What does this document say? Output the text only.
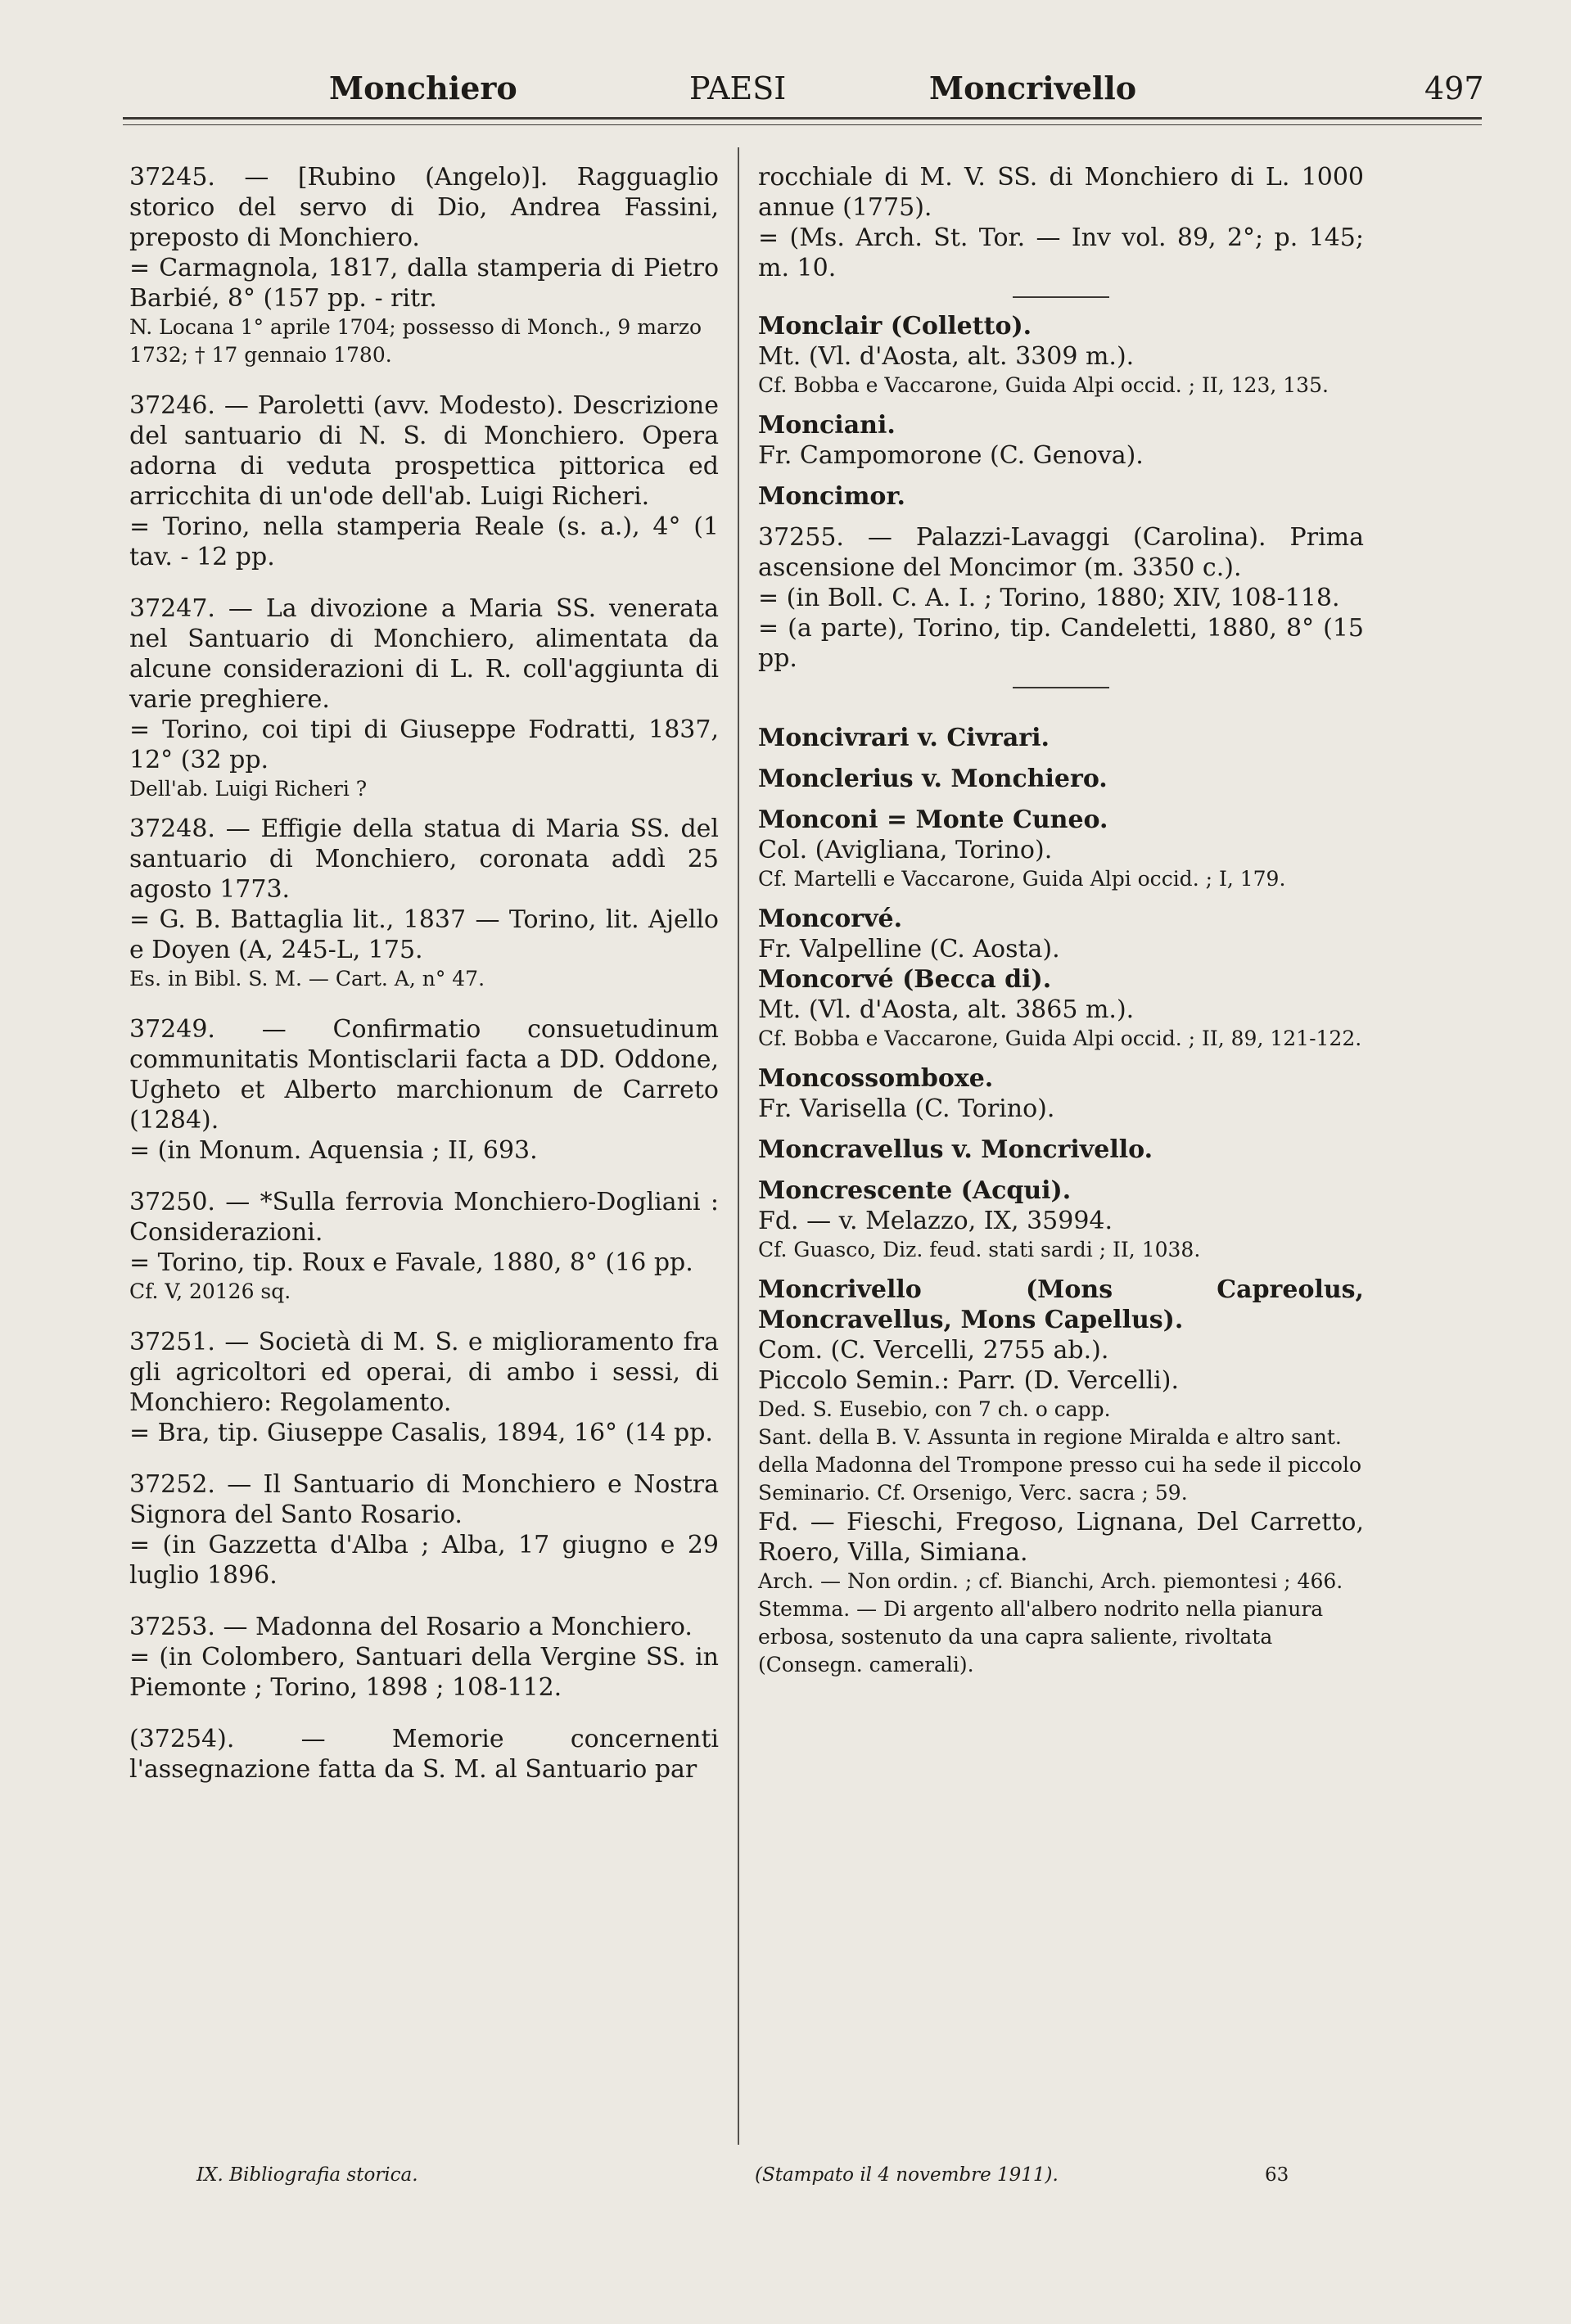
Monchiero	PAESI	Moncrivello	497

37245. — [Rubino (Angelo)]. Ragguaglio storico del servo di Dio, Andrea Fassini, preposto di Monchiero.

= Carmagnola, 1817, dalla stamperia di Pietro Barbié, 8° (157 pp. - ritr.

N. Locana 1° aprile 1704; possesso di Monch., 9 marzo 1732; † 17 gennaio 1780.

37246. — Paroletti (avv. Modesto). Descrizione del santuario di N. S. di Monchiero. Opera adorna di veduta prospettica pittorica ed arricchita di un'ode dell'ab. Luigi Richeri.

= Torino, nella stamperia Reale (s. a.), 4° (1 tav. - 12 pp.

37247. — La divozione a Maria SS. venerata nel Santuario di Monchiero, alimentata da alcune considerazioni di L. R. coll'aggiunta di varie preghiere.

= Torino, coi tipi di Giuseppe Fodratti, 1837, 12° (32 pp.

Dell'ab. Luigi Richeri ?

37248. — Effigie della statua di Maria SS. del santuario di Monchiero, coronata addì 25 agosto 1773.

= G. B. Battaglia lit., 1837 — Torino, lit. Ajello e Doyen (A, 245-L, 175.

Es. in Bibl. S. M. — Cart. A, n° 47.

37249. — Confirmatio consuetudinum communitatis Montisclarii facta a DD. Oddone, Ugheto et Alberto marchionum de Carreto (1284).

= (in Monum. Aquensia ; II, 693.

37250. — *Sulla ferrovia Monchiero-Dogliani : Considerazioni.

= Torino, tip. Roux e Favale, 1880, 8° (16 pp.

Cf. V, 20126 sq.

37251. — Società di M. S. e miglioramento fra gli agricoltori ed operai, di ambo i sessi, di Monchiero: Regolamento.

= Bra, tip. Giuseppe Casalis, 1894, 16° (14 pp.

37252. — Il Santuario di Monchiero e Nostra Signora del Santo Rosario.

= (in Gazzetta d'Alba ; Alba, 17 giugno e 29 luglio 1896.

37253. — Madonna del Rosario a Monchiero.

= (in Colombero, Santuari della Vergine SS. in Piemonte ; Torino, 1898 ; 108-112.

(37254). — Memorie concernenti l'assegnazione fatta da S. M. al Santuario par

rocchiale di M. V. SS. di Monchiero di L. 1000 annue (1775).

= (Ms. Arch. St. Tor. — Inv vol. 89, 2°; p. 145; m. 10.

Monclair (Colletto).

Mt. (Vl. d'Aosta, alt. 3309 m.).

Cf. Bobba e Vaccarone, Guida Alpi occid. ; II, 123, 135.

Monciani.

Fr. Campomorone (C. Genova).

Moncimor.

37255. — Palazzi-Lavaggi (Carolina). Prima ascensione del Moncimor (m. 3350 c.).

= (in Boll. C. A. I. ; Torino, 1880; XIV, 108-118.

= (a parte), Torino, tip. Candeletti, 1880, 8° (15 pp.

Moncivrari v. Civrari.

Monclerius v. Monchiero.

Monconi = Monte Cuneo.

Col. (Avigliana, Torino).

Cf. Martelli e Vaccarone, Guida Alpi occid. ; I, 179.

Moncorvé.

Fr. Valpelline (C. Aosta).

Moncorvé (Becca di).

Mt. (Vl. d'Aosta, alt. 3865 m.).

Cf. Bobba e Vaccarone, Guida Alpi occid. ; II, 89, 121-122.

Moncossomboxe.

Fr. Varisella (C. Torino).

Moncravellus v. Moncrivello.

Moncrescente (Acqui).

Fd. — v. Melazzo, IX, 35994.

Cf. Guasco, Diz. feud. stati sardi ; II, 1038.

Moncrivello (Mons Capreolus, Moncravellus, Mons Capellus).

Com. (C. Vercelli, 2755 ab.).

Piccolo Semin.: Parr. (D. Vercelli).

Ded. S. Eusebio, con 7 ch. o capp.

Sant. della B. V. Assunta in regione Miralda e altro sant. della Madonna del Trompone presso cui ha sede il piccolo Seminario. Cf. Orsenigo, Verc. sacra ; 59.

Fd. — Fieschi, Fregoso, Lignana, Del Carretto, Roero, Villa, Simiana.

Arch. — Non ordin. ; cf. Bianchi, Arch. piemontesi ; 466.

Stemma. — Di argento all'albero nodrito nella pianura erbosa, sostenuto da una capra saliente, rivoltata (Consegn. camerali).

IX. Bibliografia storica.	(Stampato il 4 novembre 1911).	63
